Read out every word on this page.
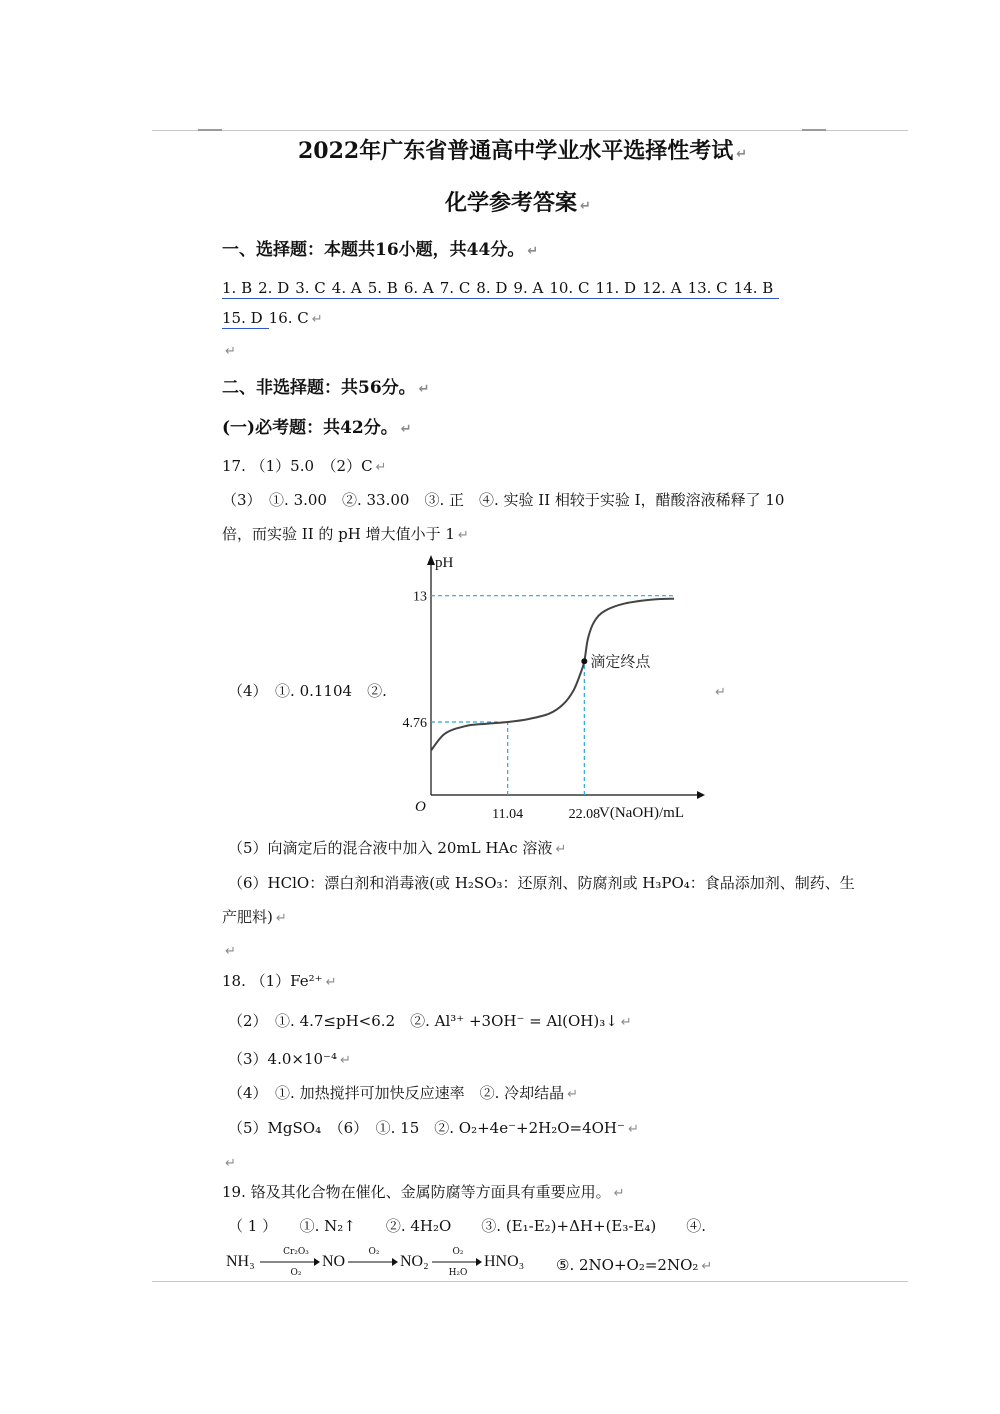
2022年广东省普通高中学业水平选择性考试 ↵
化学参考答案 ↵
一、选择题：本题共16小题，共44分。 ↵
1. B 2. D 3. C 4. A 5. B 6. A 7. C 8. D 9. A 10. C 11. D 12. A 13. C 14. B
15. D 16. C ↵
↵
二、非选择题：共56分。 ↵
(一)必考题：共42分。 ↵
17. （1）5.0　（2）C ↵
（3）　①. 3.00　②. 33.00　③. 正　④. 实验 II 相较于实验 I，醋酸溶液稀释了 10
倍，而实验 II 的 pH 增大值小于 1 ↵
（4）　①. 0.1104　②.	↵
滴定终点
11.04	22.08
4.76
13
pH
V(NaOH)/mL
O
（5）向滴定后的混合液中加入 20mL HAc 溶液 ↵
（6）HClO：漂白剂和消毒液(或 H₂SO₃：还原剂、防腐剂或 H₃PO₄：食品添加剂、制药、生
产肥料) ↵
↵
18. （1）Fe²⁺ ↵
（2）　①. 4.7≤pH<6.2　②. Al³⁺ +3OH⁻ = Al(OH)₃↓ ↵
（3）4.0×10⁻⁴ ↵
（4）　①. 加热搅拌可加快反应速率　②. 冷却结晶 ↵
（5）MgSO₄　（6）　①. 15　②. O₂+4e⁻+2H₂O=4OH⁻ ↵
↵
19. 铬及其化合物在催化、金属防腐等方面具有重要应用。 ↵
（ 1 ）　　①. N₂↑　　②. 4H₂O　　③. (E₁-E₂)+ΔH+(E₃-E₄)　　④.
NH₃
Cr₂O₃
O₂
NO
O₂
→ NO₂
O₂
H₂O
HNO₃ ⑤. 2NO+O₂=2NO₂ ↵
